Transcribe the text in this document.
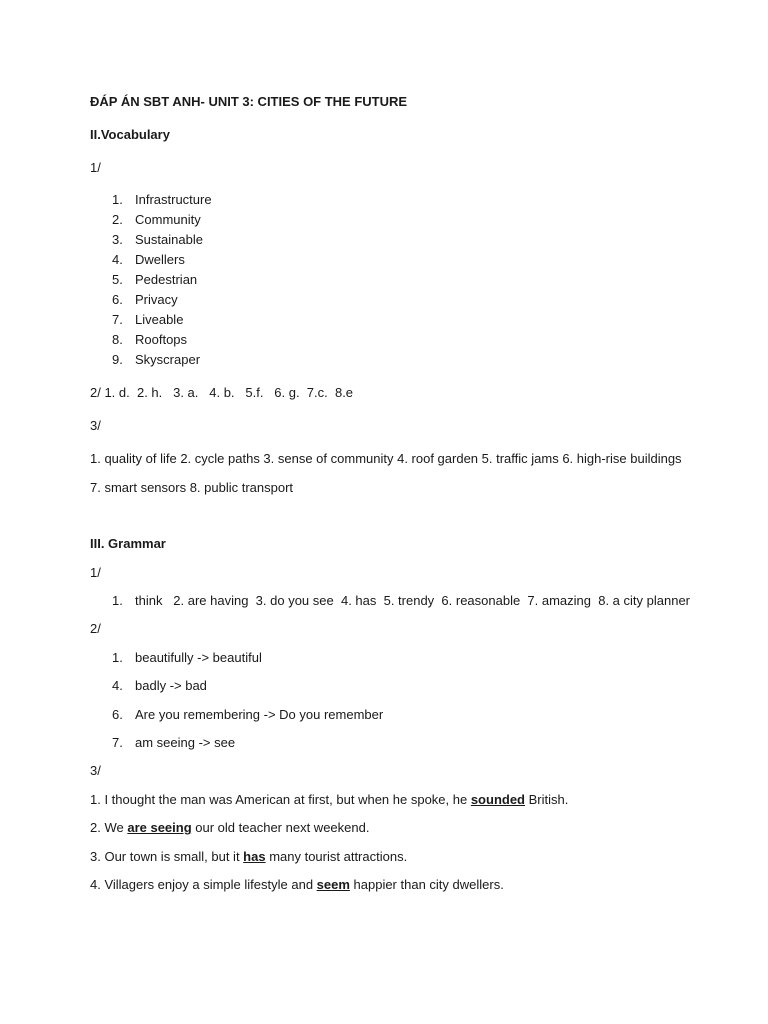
ĐÁP ÁN SBT ANH- UNIT 3: CITIES OF THE FUTURE
II.Vocabulary
1/
1. Infrastructure
2. Community
3. Sustainable
4. Dwellers
5. Pedestrian
6. Privacy
7. Liveable
8. Rooftops
9. Skyscraper
2/ 1. d.  2. h.   3. a.   4. b.   5.f.   6. g.  7.c.  8.e
3/
1. quality of life 2. cycle paths 3. sense of community 4. roof garden 5. traffic jams 6. high-rise buildings
7. smart sensors 8. public transport
III. Grammar
1/
1. think   2. are having  3. do you see  4. has  5. trendy  6. reasonable  7. amazing  8. a city planner
2/
1. beautifully -> beautiful
4. badly -> bad
6. Are you remembering -> Do you remember
7. am seeing -> see
3/
1. I thought the man was American at first, but when he spoke, he sounded British.
2. We are seeing our old teacher next weekend.
3. Our town is small, but it has many tourist attractions.
4. Villagers enjoy a simple lifestyle and seem happier than city dwellers.
